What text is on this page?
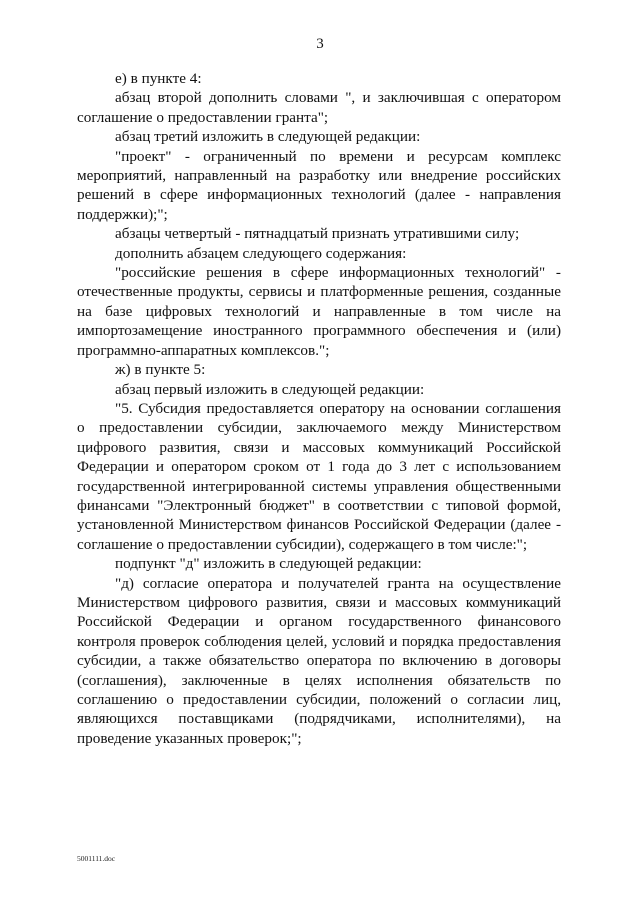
3

е) в пункте 4:

абзац второй дополнить словами ", и заключившая с оператором соглашение о предоставлении гранта";

абзац третий изложить в следующей редакции:

"проект" - ограниченный по времени и ресурсам комплекс мероприятий, направленный на разработку или внедрение российских решений в сфере информационных технологий (далее - направления поддержки);";

абзацы четвертый - пятнадцатый признать утратившими силу;

дополнить абзацем следующего содержания:

"российские решения в сфере информационных технологий" - отечественные продукты, сервисы и платформенные решения, созданные на базе цифровых технологий и направленные в том числе на импортозамещение иностранного программного обеспечения и (или) программно-аппаратных комплексов.";

ж) в пункте 5:

абзац первый изложить в следующей редакции:

"5. Субсидия предоставляется оператору на основании соглашения о предоставлении субсидии, заключаемого между Министерством цифрового развития, связи и массовых коммуникаций Российской Федерации и оператором сроком от 1 года до 3 лет с использованием государственной интегрированной системы управления общественными финансами "Электронный бюджет" в соответствии с типовой формой, установленной Министерством финансов Российской Федерации (далее - соглашение о предоставлении субсидии), содержащего в том числе:";

подпункт "д" изложить в следующей редакции:

"д) согласие оператора и получателей гранта на осуществление Министерством цифрового развития, связи и массовых коммуникаций Российской Федерации и органом государственного финансового контроля проверок соблюдения целей, условий и порядка предоставления субсидии, а также обязательство оператора по включению в договоры (соглашения), заключенные в целях исполнения обязательств по соглашению о предоставлении субсидии, положений о согласии лиц, являющихся поставщиками (подрядчиками, исполнителями), на проведение указанных проверок;";

5001111.doc
